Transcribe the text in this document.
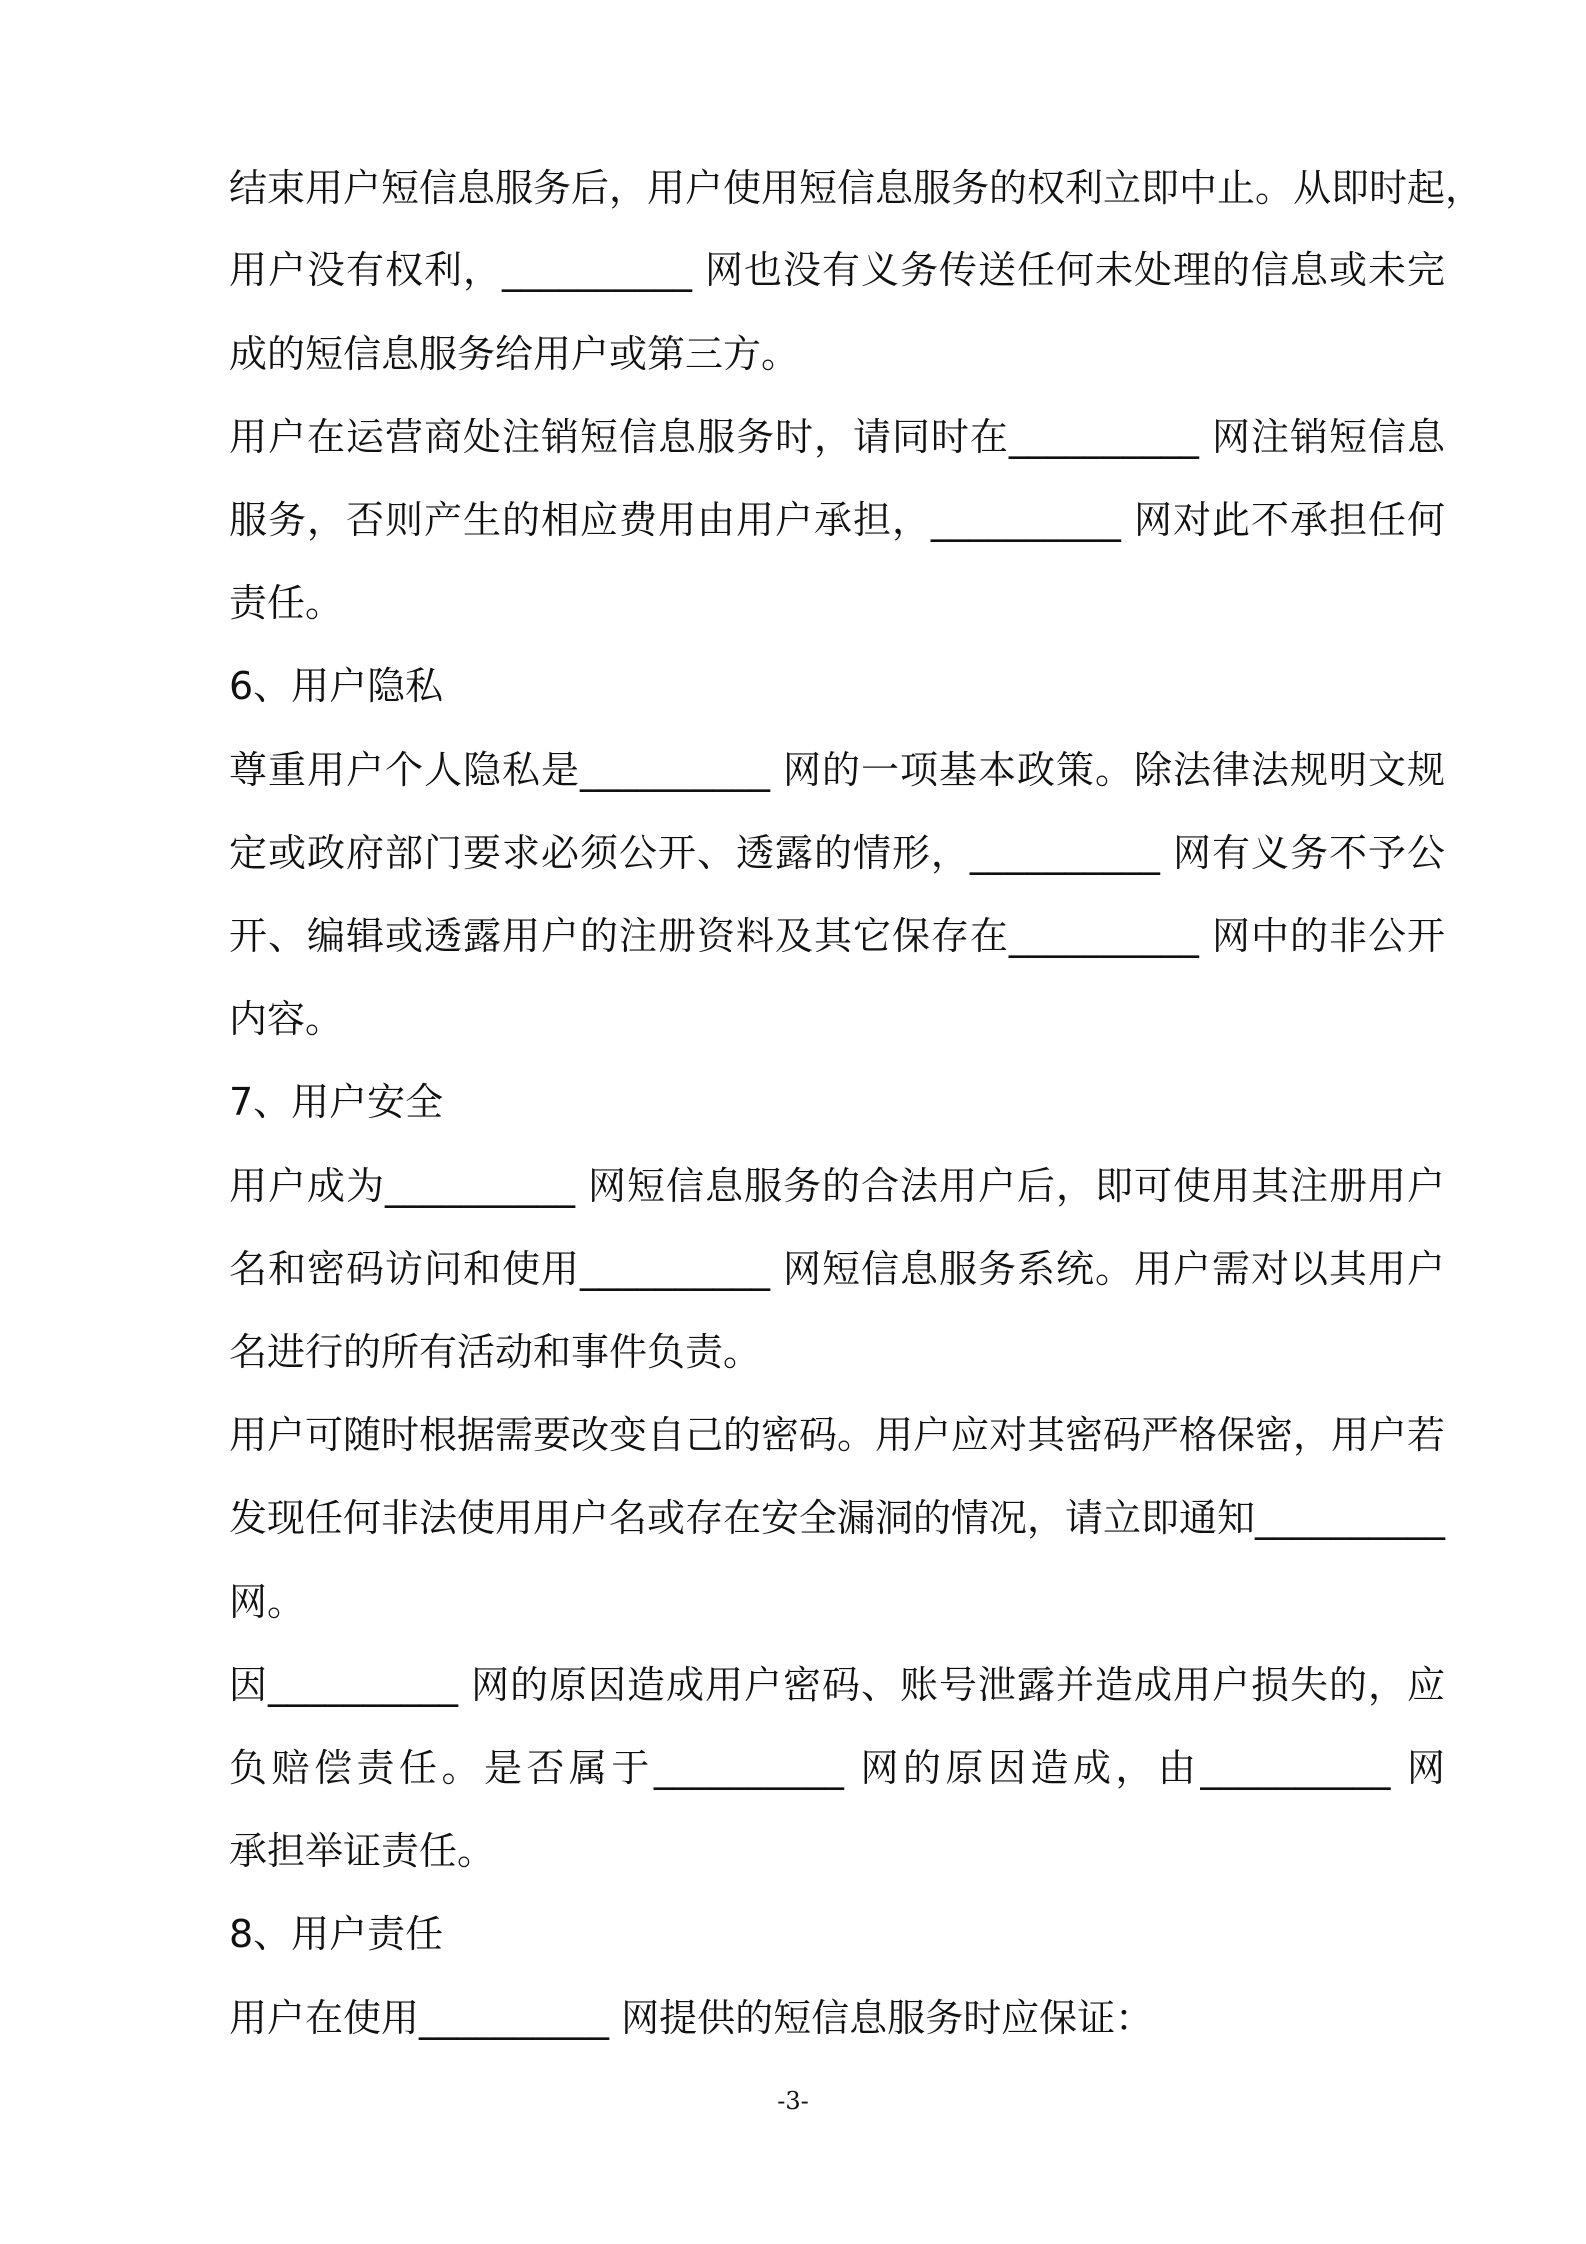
结束用户短信息服务后，用户使用短信息服务的权利立即中止。从即时起，
用户没有权利，__________ 网也没有义务传送任何未处理的信息或未完
成的短信息服务给用户或第三方。
用户在运营商处注销短信息服务时，请同时在__________ 网注销短信息
服务，否则产生的相应费用由用户承担，__________ 网对此不承担任何
责任。
6、用户隐私
尊重用户个人隐私是__________ 网的一项基本政策。除法律法规明文规
定或政府部门要求必须公开、透露的情形，__________ 网有义务不予公
开、编辑或透露用户的注册资料及其它保存在__________ 网中的非公开
内容。
7、用户安全
用户成为__________ 网短信息服务的合法用户后，即可使用其注册用户
名和密码访问和使用__________ 网短信息服务系统。用户需对以其用户
名进行的所有活动和事件负责。
用户可随时根据需要改变自己的密码。用户应对其密码严格保密，用户若
发现任何非法使用用户名或存在安全漏洞的情况，请立即通知__________
网。
因__________ 网的原因造成用户密码、账号泄露并造成用户损失的，应
负赔偿责任。是否属于__________ 网的原因造成，由__________ 网
承担举证责任。
8、用户责任
用户在使用__________ 网提供的短信息服务时应保证：
-3-
